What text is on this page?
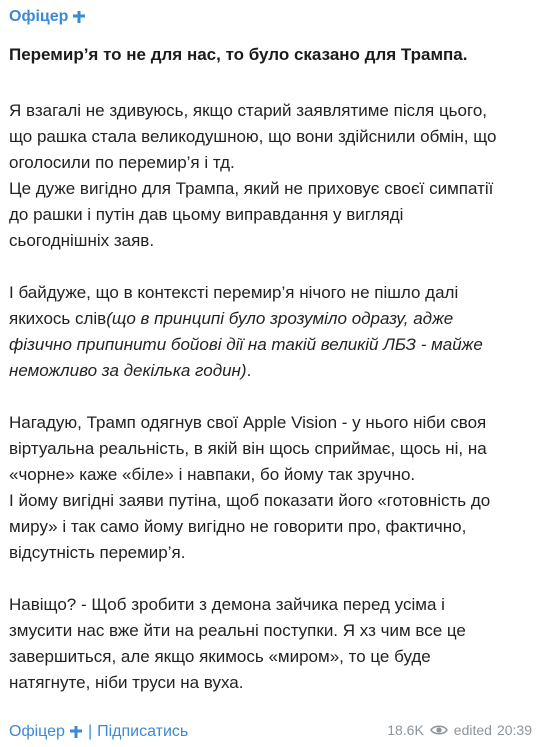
Офіцер
Перемир’я то не для нас, то було сказано для Трампа.
Я взагалі не здивуюсь, якщо старий заявлятиме після цього,
що рашка стала великодушною, що вони здійснили обмін, що
оголосили по перемир’я і тд.
Це дуже вигідно для Трампа, який не приховує своєї симпатії
до рашки і путін дав цьому виправдання у вигляді
сьогоднішніх заяв.
І байдуже, що в контексті перемир’я нічого не пішло далі
якихось слів(що в принципі було зрозуміло одразу, адже
фізично припинити бойові дії на такій великій ЛБЗ - майже
неможливо за декілька годин).
Нагадую, Трамп одягнув свої Apple Vision - у нього ніби своя
віртуальна реальність, в якій він щось сприймає, щось ні, на
«чорне» каже «біле» і навпаки, бо йому так зручно.
І йому вигідні заяви путіна, щоб показати його «готовність до
миру» і так само йому вигідно не говорити про, фактично,
відсутність перемир’я.
Навіщо? - Щоб зробити з демона зайчика перед усіма і
змусити нас вже йти на реальні поступки. Я хз чим все це
завершиться, але якщо якимось «миром», то це буде
натягнуте, ніби труси на вуха.
Офіцер | Підписатись	18.6K edited 20:39
